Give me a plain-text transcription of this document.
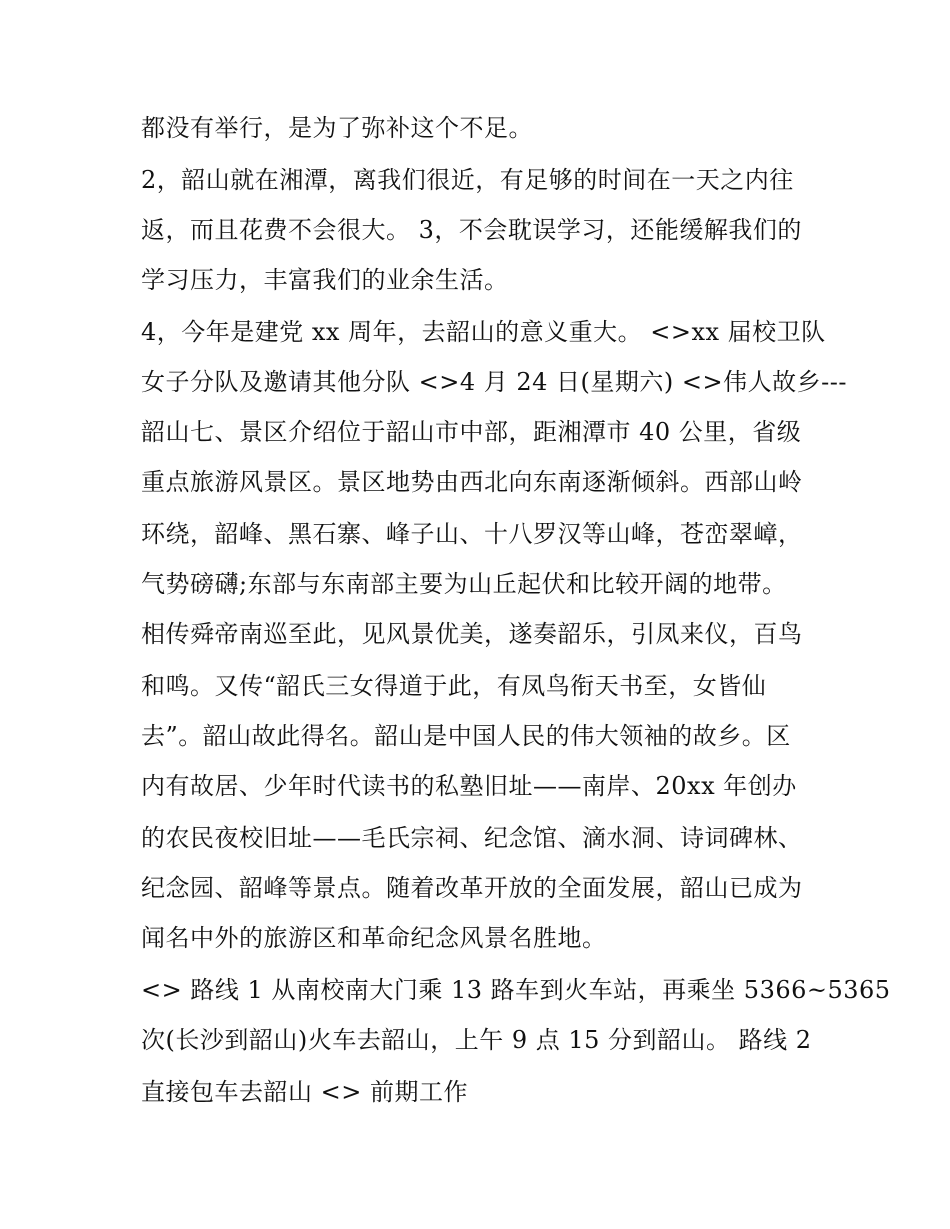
都没有举行，是为了弥补这个不足。
2，韶山就在湘潭，离我们很近，有足够的时间在一天之内往
返，而且花费不会很大。 3，不会耽误学习，还能缓解我们的
学习压力，丰富我们的业余生活。
4，今年是建党 xx 周年，去韶山的意义重大。 <>xx 届校卫队
女子分队及邀请其他分队 <>4 月 24 日(星期六) <>伟人故乡---
韶山七、景区介绍位于韶山市中部，距湘潭市 40 公里，省级
重点旅游风景区。景区地势由西北向东南逐渐倾斜。西部山岭
环绕，韶峰、黑石寨、峰子山、十八罗汉等山峰，苍峦翠嶂，
气势磅礴;东部与东南部主要为山丘起伏和比较开阔的地带。
相传舜帝南巡至此，见风景优美，遂奏韶乐，引凤来仪，百鸟
和鸣。又传“韶氏三女得道于此，有凤鸟衔天书至，女皆仙
去”。韶山故此得名。韶山是中国人民的伟大领袖的故乡。区
内有故居、少年时代读书的私塾旧址——南岸、20xx 年创办
的农民夜校旧址——毛氏宗祠、纪念馆、滴水洞、诗词碑林、
纪念园、韶峰等景点。随着改革开放的全面发展，韶山已成为
闻名中外的旅游区和革命纪念风景名胜地。
<> 路线 1 从南校南大门乘 13 路车到火车站，再乘坐 5366~5365
次(长沙到韶山)火车去韶山，上午 9 点 15 分到韶山。 路线 2
直接包车去韶山 <> 前期工作
